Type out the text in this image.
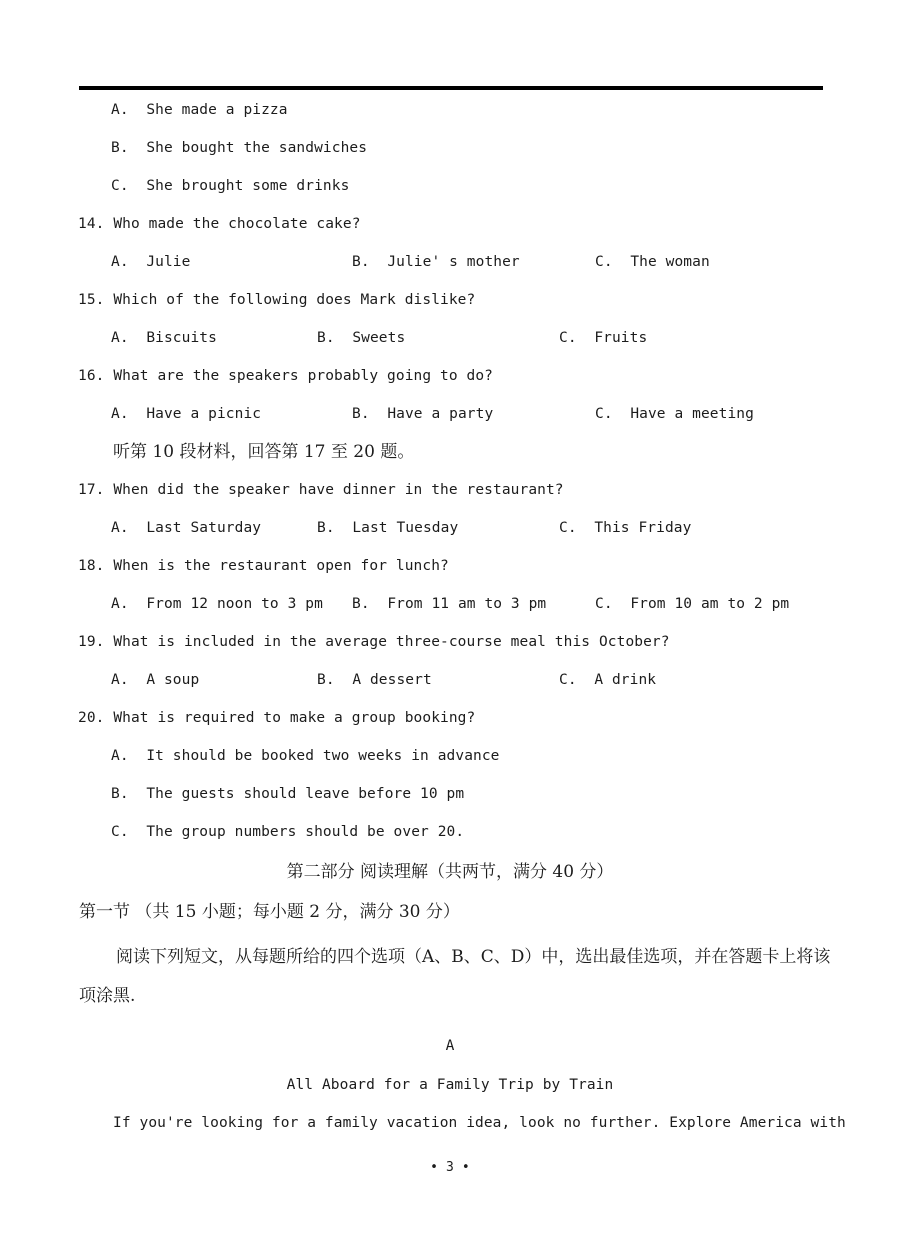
A.  She made a pizza
B.  She bought the sandwiches
C.  She brought some drinks
14. Who made the chocolate cake?
A.  Julie	B.  Julie' s mother	C.  The woman
15. Which of the following does Mark dislike?
A.  Biscuits	B.  Sweets	C.  Fruits
16. What are the speakers probably going to do?
A.  Have a picnic	B.  Have a party	C.  Have a meeting
听第 10 段材料，回答第 17 至 20 题。
17. When did the speaker have dinner in the restaurant?
A.  Last Saturday	B.  Last Tuesday	C.  This Friday
18. When is the restaurant open for lunch?
A.  From 12 noon to 3 pm B.  From 11 am to 3 pm	C.  From 10 am to 2 pm
19. What is included in the average three-course meal this October?
A.  A soup	B.  A dessert	C.  A drink
20. What is required to make a group booking?
A.  It should be booked two weeks in advance
B.  The guests should leave before 10 pm
C.  The group numbers should be over 20.
第二部分 阅读理解（共两节，满分 40 分）
第一节 （共 15 小题；每小题 2 分，满分 30 分）
阅读下列短文，从每题所给的四个选项（A、B、C、D）中，选出最佳选项，并在答题卡上将该
项涂黑.
A
All Aboard for a Family Trip by Train
If you're looking for a family vacation idea, look no further. Explore America with
• 3 •
